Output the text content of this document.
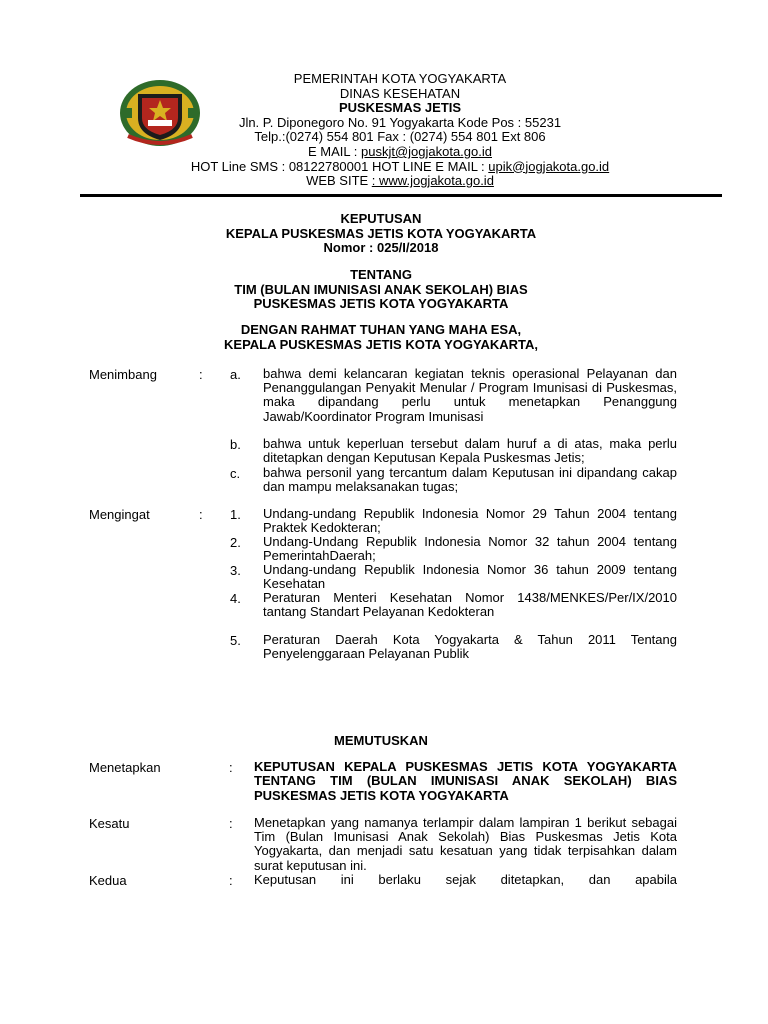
PEMERINTAH KOTA YOGYAKARTA
DINAS KESEHATAN
PUSKESMAS JETIS
Jln. P. Diponegoro No. 91 Yogyakarta Kode Pos : 55231
Telp.:(0274) 554 801 Fax : (0274) 554 801 Ext 806
E MAIL : puskjt@jogjakota.go.id
HOT Line SMS : 08122780001 HOT LINE E MAIL : upik@jogjakota.go.id
WEB SITE : www.jogjakota.go.id
KEPUTUSAN
KEPALA PUSKESMAS JETIS KOTA YOGYAKARTA
Nomor : 025/I/2018
TENTANG
TIM (BULAN IMUNISASI ANAK SEKOLAH) BIAS
PUSKESMAS JETIS KOTA YOGYAKARTA
DENGAN RAHMAT TUHAN YANG MAHA ESA,
KEPALA PUSKESMAS JETIS KOTA YOGYAKARTA,
Menimbang	: a. bahwa demi kelancaran kegiatan teknis operasional Pelayanan dan Penanggulangan Penyakit Menular / Program Imunisasi di Puskesmas, maka dipandang perlu untuk menetapkan Penanggung Jawab/Koordinator Program Imunisasi
b. bahwa untuk keperluan tersebut dalam huruf a di atas, maka perlu ditetapkan dengan Keputusan Kepala Puskesmas Jetis;
c. bahwa personil yang tercantum dalam Keputusan ini dipandang cakap dan mampu melaksanakan tugas;
Mengingat	: 1. Undang-undang Republik Indonesia Nomor 29 Tahun 2004 tentang Praktek Kedokteran;
2. Undang-Undang Republik Indonesia Nomor 32 tahun 2004 tentang PemerintahDaerah;
3. Undang-undang Republik Indonesia Nomor 36 tahun 2009 tentang Kesehatan
4. Peraturan Menteri Kesehatan Nomor 1438/MENKES/Per/IX/2010 tantang Standart Pelayanan Kedokteran
5. Peraturan Daerah Kota Yogyakarta & Tahun 2011 Tentang Penyelenggaraan Pelayanan Publik
MEMUTUSKAN
Menetapkan	: KEPUTUSAN KEPALA PUSKESMAS JETIS KOTA YOGYAKARTA TENTANG TIM (BULAN IMUNISASI ANAK SEKOLAH) BIAS PUSKESMAS JETIS KOTA YOGYAKARTA
Kesatu	: Menetapkan yang namanya terlampir dalam lampiran 1 berikut sebagai Tim (Bulan Imunisasi Anak Sekolah) Bias Puskesmas Jetis Kota Yogyakarta, dan menjadi satu kesatuan yang tidak terpisahkan dalam surat keputusan ini.
Kedua	: Keputusan ini berlaku sejak ditetapkan, dan apabila
